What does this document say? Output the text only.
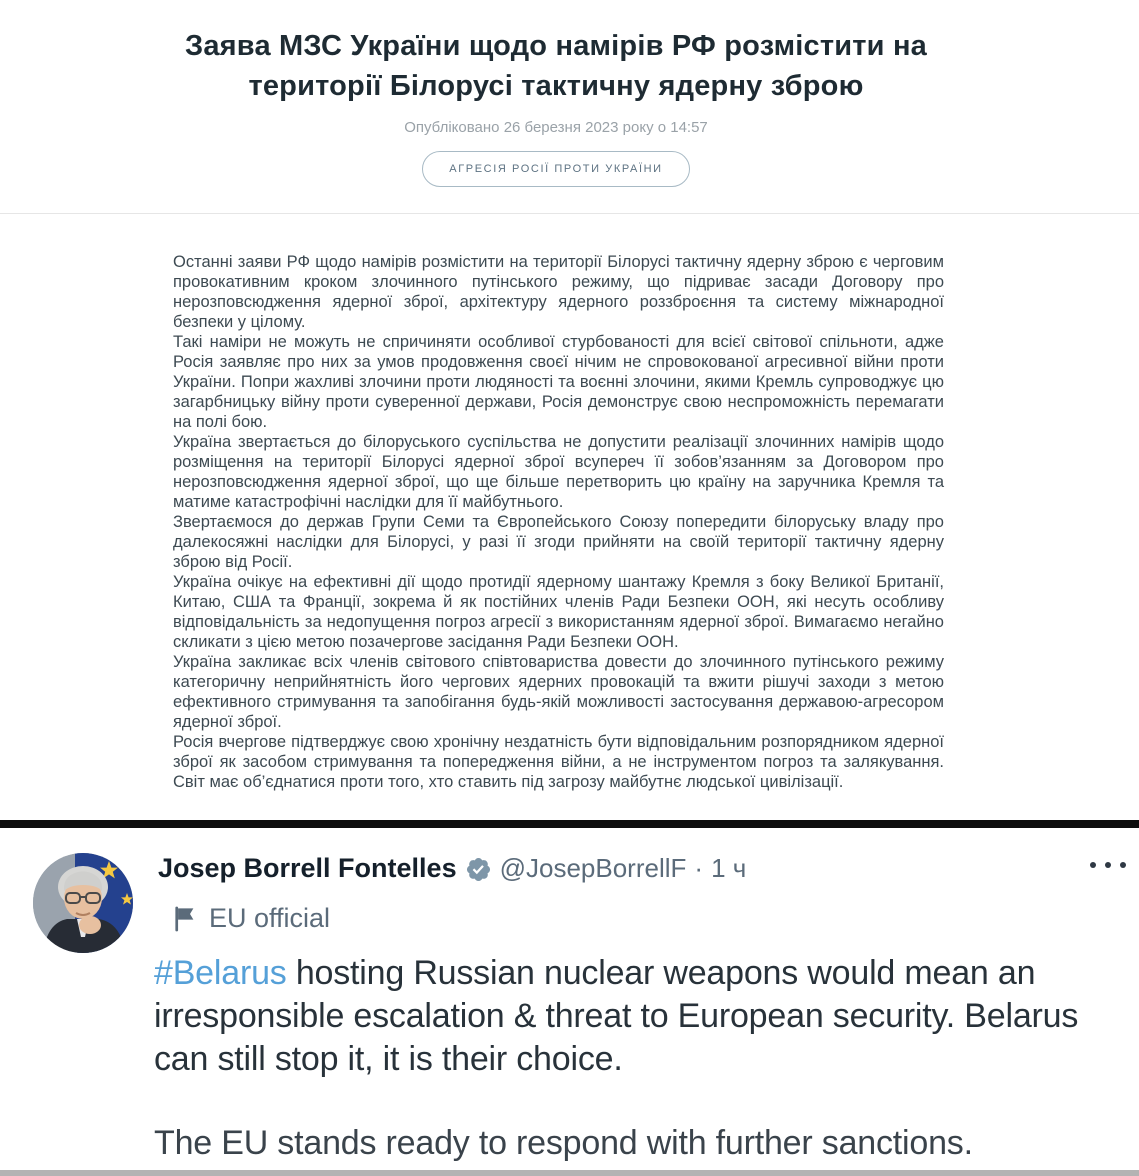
Заява МЗС України щодо намірів РФ розмістити на території Білорусі тактичну ядерну зброю
Опубліковано 26 березня 2023 року о 14:57
АГРЕСІЯ РОСІЇ ПРОТИ УКРАЇНИ

Останні заяви РФ щодо намірів розмістити на території Білорусі тактичну ядерну зброю є черговим провокативним кроком злочинного путінського режиму, що підриває засади Договору про нерозповсюдження ядерної зброї, архітектуру ядерного роззброєння та систему міжнародної безпеки у цілому.

Такі наміри не можуть не спричиняти особливої стурбованості для всієї світової спільноти, адже Росія заявляє про них за умов продовження своєї нічим не спровокованої агресивної війни проти України. Попри жахливі злочини проти людяності та воєнні злочини, якими Кремль супроводжує цю загарбницьку війну проти суверенної держави, Росія демонструє свою неспроможність перемагати на полі бою.

Україна звертається до білоруського суспільства не допустити реалізації злочинних намірів щодо розміщення на території Білорусі ядерної зброї всупереч її зобов’язанням за Договором про нерозповсюдження ядерної зброї, що ще більше перетворить цю країну на заручника Кремля та матиме катастрофічні наслідки для її майбутнього.

Звертаємося до держав Групи Семи та Європейського Союзу попередити білоруську владу про далекосяжні наслідки для Білорусі, у разі її згоди прийняти на своїй території тактичну ядерну зброю від Росії.

Україна очікує на ефективні дії щодо протидії ядерному шантажу Кремля з боку Великої Британії, Китаю, США та Франції, зокрема й як постійних членів Ради Безпеки ООН, які несуть особливу відповідальність за недопущення погроз агресії з використанням ядерної зброї. Вимагаємо негайно скликати з цією метою позачергове засідання Ради Безпеки ООН.

Україна закликає всіх членів світового співтовариства довести до злочинного путінського режиму категоричну неприйнятність його чергових ядерних провокацій та вжити рішучі заходи з метою ефективного стримування та запобігання будь-якій можливості застосування державою-агресором ядерної зброї.

Росія вчергове підтверджує свою хронічну нездатність бути відповідальним розпорядником ядерної зброї як засобом стримування та попередження війни, а не інструментом погроз та залякування. Світ має об’єднатися проти того, хто ставить під загрозу майбутнє людської цивілізації.

Josep Borrell Fontelles @JosepBorrellF · 1 ч
EU official

#Belarus hosting Russian nuclear weapons would mean an irresponsible escalation & threat to European security. Belarus can still stop it, it is their choice.

The EU stands ready to respond with further sanctions.
